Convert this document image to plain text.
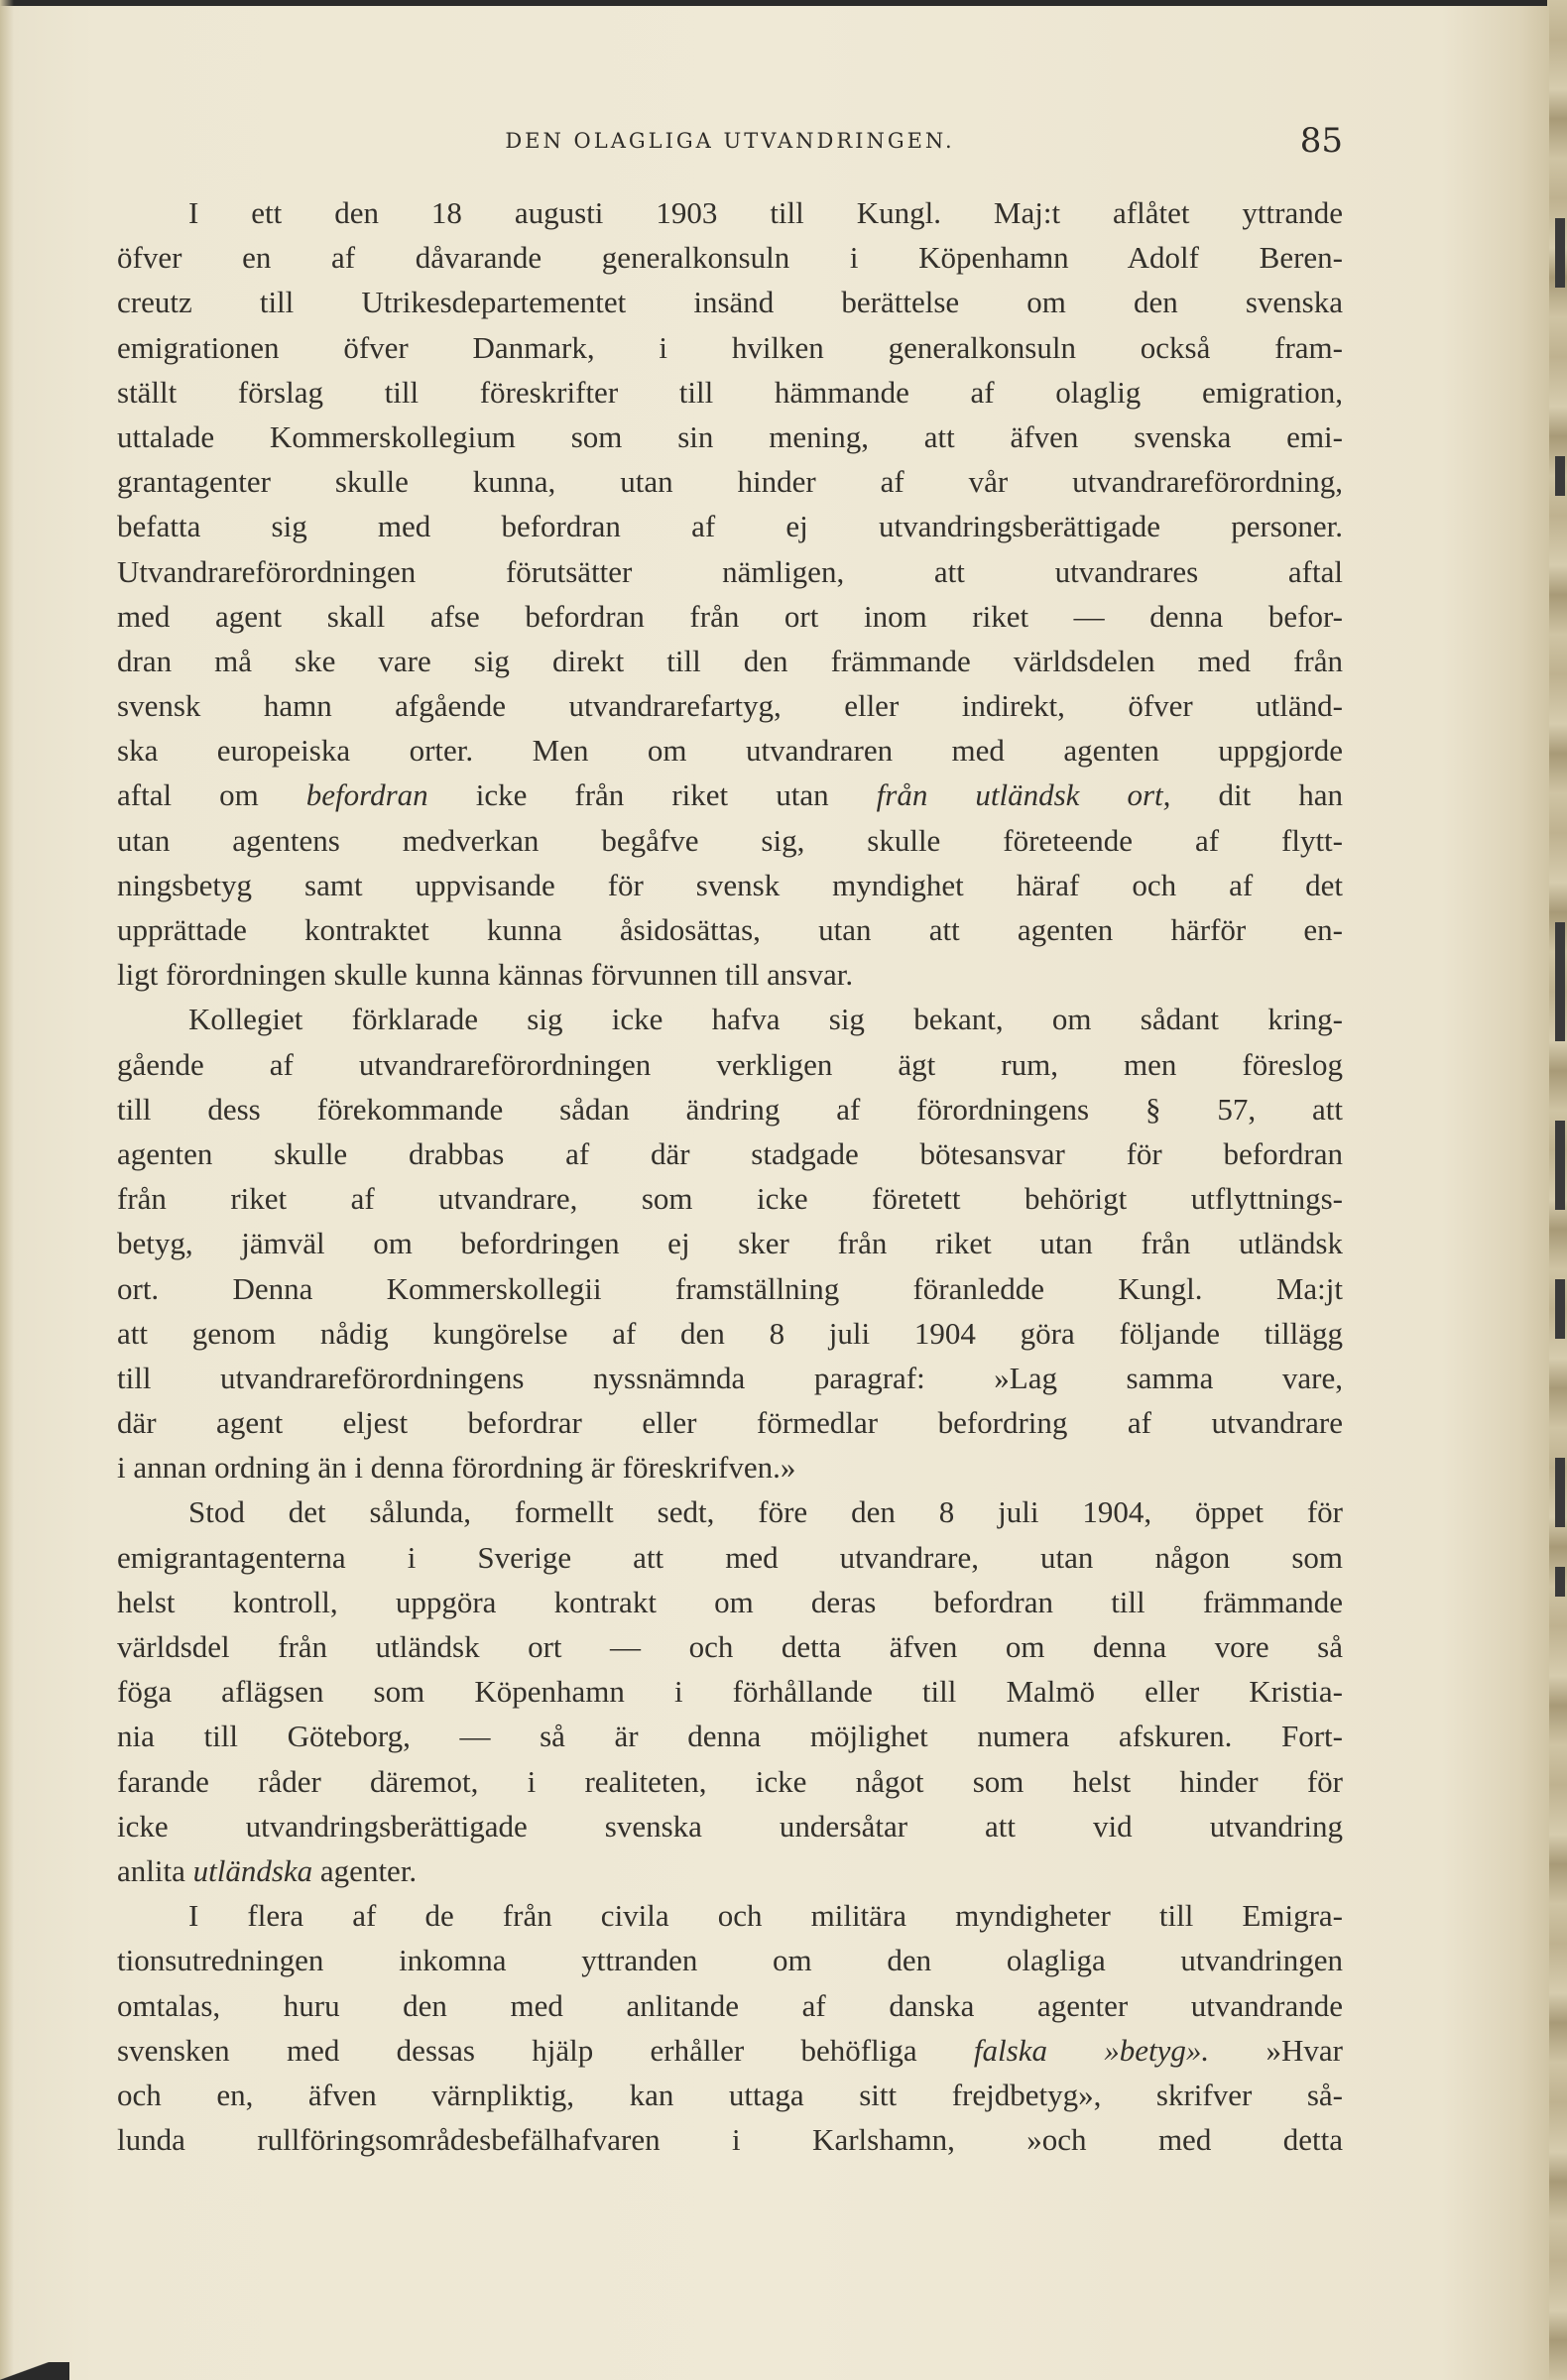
DEN OLAGLIGA UTVANDRINGEN.	85
I ett den 18 augusti 1903 till Kungl. Maj:t aflåtet yttrande
öfver en af dåvarande generalkonsuln i Köpenhamn Adolf Beren-
creutz till Utrikesdepartementet insänd berättelse om den svenska
emigrationen öfver Danmark, i hvilken generalkonsuln också fram-
ställt förslag till föreskrifter till hämmande af olaglig emigration,
uttalade Kommerskollegium som sin mening, att äfven svenska emi-
grantagenter skulle kunna, utan hinder af vår utvandrareförordning,
befatta sig med befordran af ej utvandringsberättigade personer.
Utvandrareförordningen förutsätter nämligen, att utvandrares aftal
med agent skall afse befordran från ort inom riket — denna befor-
dran må ske vare sig direkt till den främmande världsdelen med från
svensk hamn afgående utvandrarefartyg, eller indirekt, öfver utländ-
ska europeiska orter. Men om utvandraren med agenten uppgjorde
aftal om befordran icke från riket utan från utländsk ort, dit han
utan agentens medverkan begåfve sig, skulle företeende af flytt-
ningsbetyg samt uppvisande för svensk myndighet häraf och af det
upprättade kontraktet kunna åsidosättas, utan att agenten härför en-
ligt förordningen skulle kunna kännas förvunnen till ansvar.
Kollegiet förklarade sig icke hafva sig bekant, om sådant kring-
gående af utvandrareförordningen verkligen ägt rum, men föreslog
till dess förekommande sådan ändring af förordningens § 57, att
agenten skulle drabbas af där stadgade bötesansvar för befordran
från riket af utvandrare, som icke företett behörigt utflyttnings-
betyg, jämväl om befordringen ej sker från riket utan från utländsk
ort. Denna Kommerskollegii framställning föranledde Kungl. Ma:jt
att genom nådig kungörelse af den 8 juli 1904 göra följande tillägg
till utvandrareförordningens nyssnämnda paragraf: »Lag samma vare,
där agent eljest befordrar eller förmedlar befordring af utvandrare
i annan ordning än i denna förordning är föreskrifven.»
Stod det sålunda, formellt sedt, före den 8 juli 1904, öppet för
emigrantagenterna i Sverige att med utvandrare, utan någon som
helst kontroll, uppgöra kontrakt om deras befordran till främmande
världsdel från utländsk ort — och detta äfven om denna vore så
föga aflägsen som Köpenhamn i förhållande till Malmö eller Kristia-
nia till Göteborg, — så är denna möjlighet numera afskuren. Fort-
farande råder däremot, i realiteten, icke något som helst hinder för
icke utvandringsberättigade svenska undersåtar att vid utvandring
anlita utländska agenter.
I flera af de från civila och militära myndigheter till Emigra-
tionsutredningen inkomna yttranden om den olagliga utvandringen
omtalas, huru den med anlitande af danska agenter utvandrande
svensken med dessas hjälp erhåller behöfliga falska »betyg». »Hvar
och en, äfven värnpliktig, kan uttaga sitt frejdbetyg», skrifver så-
lunda rullföringsområdesbefälhafvaren i Karlshamn, »och med detta
